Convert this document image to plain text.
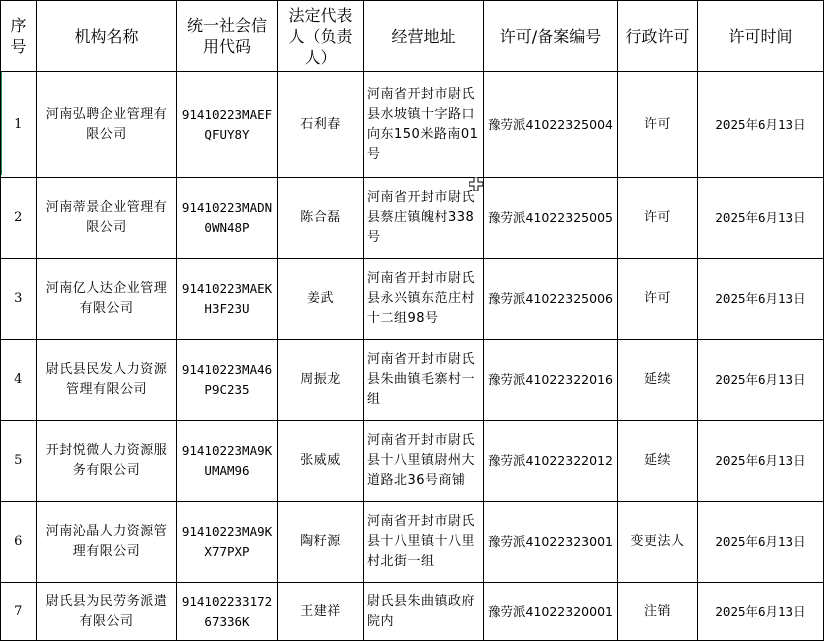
序号	机构名称	统一社会信用代码	法定代表人（负责人）	经营地址	许可/备案编号	行政许可	许可时间
1	河南弘聘企业管理有限公司	91410223MAEFQFUY8Y	石利春	河南省开封市尉氏县水坡镇十字路口向东150米路南01号	豫劳派41022325004	许可	2025年6月13日
2	河南蒂景企业管理有限公司	91410223MADN0WN48P	陈合磊	河南省开封市尉氏县蔡庄镇魄村338号	豫劳派41022325005	许可	2025年6月13日
3	河南亿人达企业管理有限公司	91410223MAEKH3F23U	姜武	河南省开封市尉氏县永兴镇东范庄村十二组98号	豫劳派41022325006	许可	2025年6月13日
4	尉氏县民发人力资源管理有限公司	91410223MA46P9C235	周振龙	河南省开封市尉氏县朱曲镇毛寨村一组	豫劳派41022322016	延续	2025年6月13日
5	开封悦微人力资源服务有限公司	91410223MA9KUMAM96	张威威	河南省开封市尉氏县十八里镇尉州大道路北36号商铺	豫劳派41022322012	延续	2025年6月13日
6	河南沁晶人力资源管理有限公司	91410223MA9KX77PXP	陶籽源	河南省开封市尉氏县十八里镇十八里村北街一组	豫劳派41022323001	变更法人	2025年6月13日
7	尉氏县为民劳务派遣有限公司	91410223317267336K	王建祥	尉氏县朱曲镇政府院内	豫劳派41022320001	注销	2025年6月13日
